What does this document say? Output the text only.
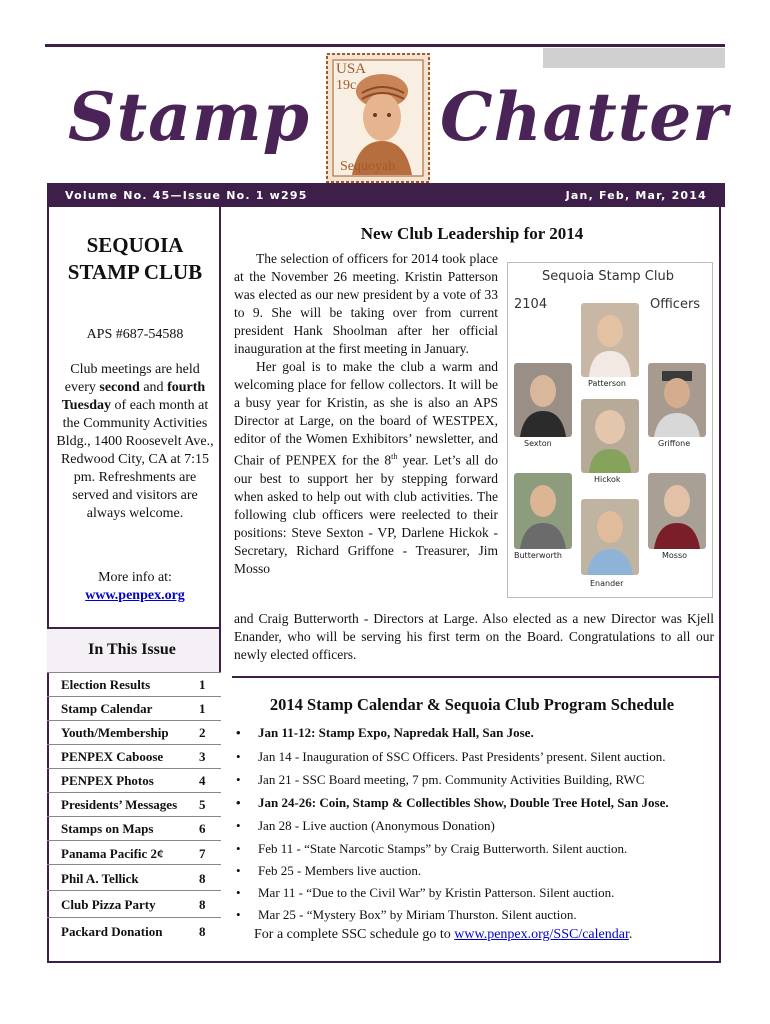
Stamp Chatter
USA
19c
Sequoyah
Volume No. 45—Issue No. 1 w295	Jan, Feb, Mar, 2014
SEQUOIA STAMP CLUB
APS #687-54588
Club meetings are held every second and fourth Tuesday of each month at the Community Activities Bldg., 1400 Roosevelt Ave., Redwood City, CA at 7:15 pm. Refreshments are served and visitors are always welcome.
More info at:
www.penpex.org
In This Issue
Election Results	1
Stamp Calendar	1
Youth/Membership 2
PENPEX Caboose	3
PENPEX Photos	4
Presidents’ Messages 5
Stamps on Maps	6
Panama Pacific 2¢	7
Phil A. Tellick	8
Club Pizza Party	8
Packard Donation	8
New Club Leadership for 2014
The selection of officers for 2014 took place at the November 26 meeting. Kristin Patterson was elected as our new president by a vote of 33 to 9. She will be taking over from current president Hank Shoolman after her official inauguration at the first meeting in January.
Her goal is to make the club a warm and welcoming place for fellow collectors. It will be a busy year for Kristin, as she is also an APS Director at Large, on the board of WESTPEX, editor of the Women Exhibitors’ newsletter, and Chair of PENPEX for the 8th year. Let’s all do our best to support her by stepping forward when asked to help out with club activities. The following club officers were reelected to their positions: Steve Sexton - VP, Darlene Hickok - Secretary, Richard Griffone - Treasurer, Jim Mosso
and Craig Butterworth - Directors at Large. Also elected as a new Director was Kjell Enander, who will be serving his first term on the Board. Congratulations to all our newly elected officers.
Sequoia Stamp Club
2104	Officers
Patterson
Sexton	Griffone
Hickok
Butterworth	Mosso
Enander
2014 Stamp Calendar & Sequoia Club Program Schedule
• Jan 11-12: Stamp Expo, Napredak Hall, San Jose.
• Jan 14 - Inauguration of SSC Officers. Past Presidents’ present. Silent auction.
• Jan 21 - SSC Board meeting, 7 pm. Community Activities Building, RWC
• Jan 24-26: Coin, Stamp & Collectibles Show, Double Tree Hotel, San Jose.
• Jan 28 - Live auction (Anonymous Donation)
• Feb 11 - “State Narcotic Stamps” by Craig Butterworth. Silent auction.
• Feb 25 - Members live auction.
• Mar 11 - “Due to the Civil War” by Kristin Patterson. Silent auction.
• Mar 25 - “Mystery Box” by Miriam Thurston. Silent auction.
For a complete SSC schedule go to www.penpex.org/SSC/calendar.
